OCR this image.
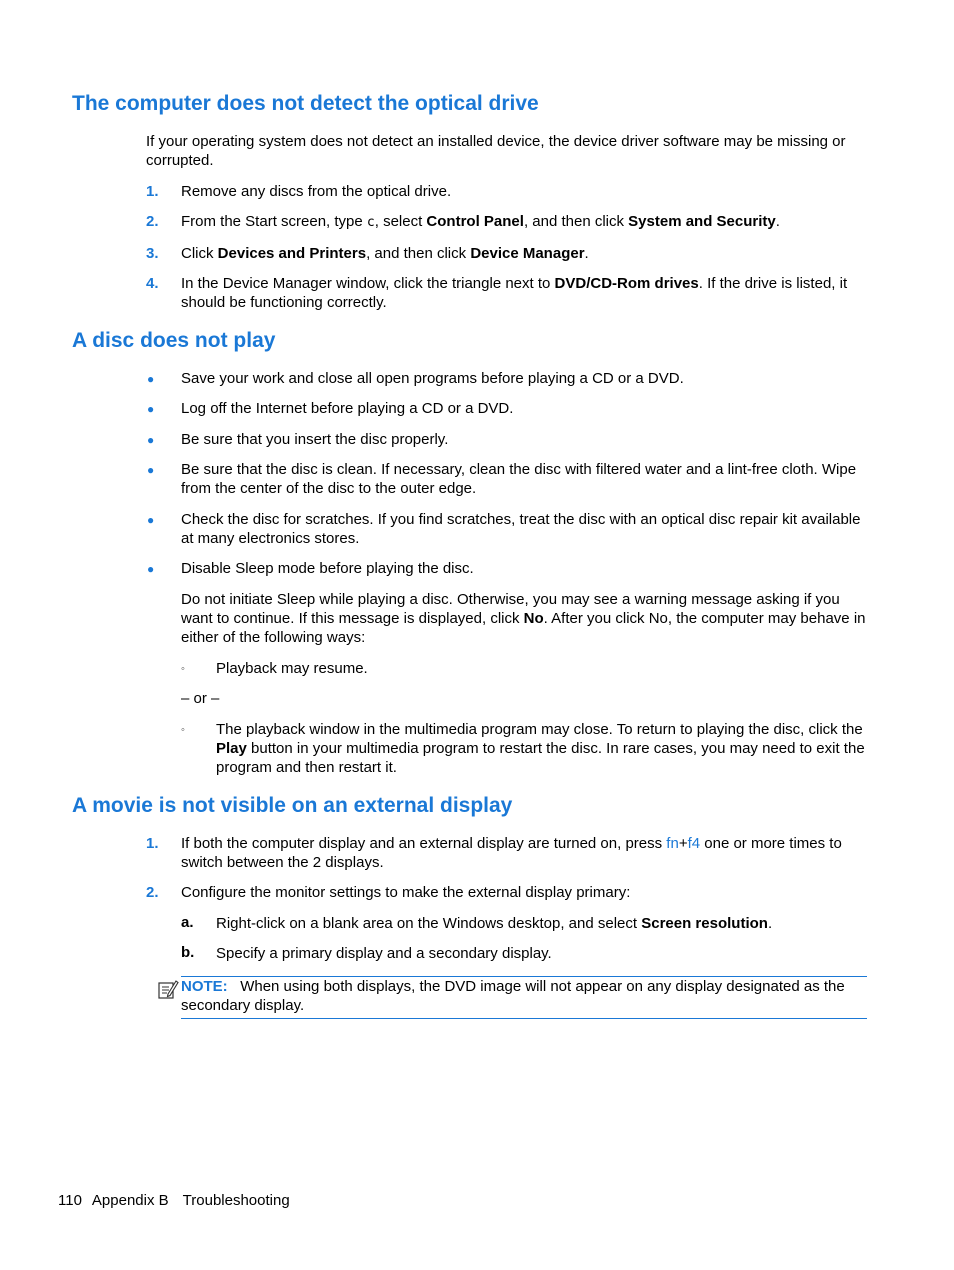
The computer does not detect the optical drive

If your operating system does not detect an installed device, the device driver software may be missing or corrupted.

1. Remove any discs from the optical drive.

2. From the Start screen, type c, select Control Panel, and then click System and Security.

3. Click Devices and Printers, and then click Device Manager.

4. In the Device Manager window, click the triangle next to DVD/CD-Rom drives. If the drive is listed, it should be functioning correctly.

A disc does not play
● Save your work and close all open programs before playing a CD or a DVD.

● Log off the Internet before playing a CD or a DVD.

● Be sure that you insert the disc properly.

● Be sure that the disc is clean. If necessary, clean the disc with filtered water and a lint-free cloth. Wipe from the center of the disc to the outer edge.

● Check the disc for scratches. If you find scratches, treat the disc with an optical disc repair kit available at many electronics stores.

● Disable Sleep mode before playing the disc.

Do not initiate Sleep while playing a disc. Otherwise, you may see a warning message asking if you want to continue. If this message is displayed, click No. After you click No, the computer may behave in either of the following ways:

◦ Playback may resume.

– or –

◦ The playback window in the multimedia program may close. To return to playing the disc, click the Play button in your multimedia program to restart the disc. In rare cases, you may need to exit the program and then restart it.

A movie is not visible on an external display
1. If both the computer display and an external display are turned on, press fn+f4 one or more times to switch between the 2 displays.

2. Configure the monitor settings to make the external display primary:

a. Right-click on a blank area on the Windows desktop, and select Screen resolution.

b. Specify a primary display and a secondary display.

NOTE: When using both displays, the DVD image will not appear on any display designated as the secondary display.

110 Appendix B Troubleshooting
